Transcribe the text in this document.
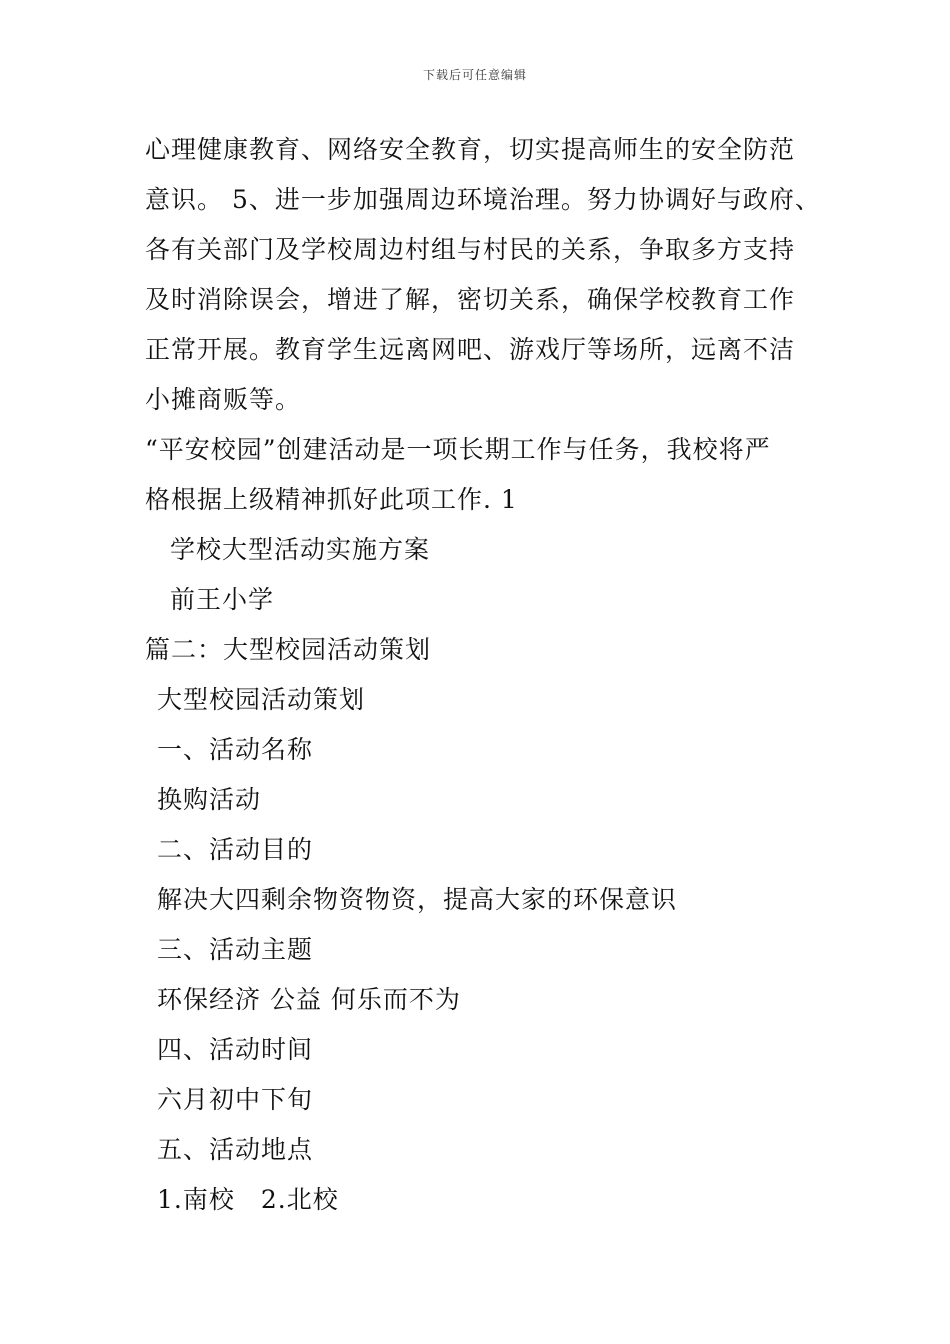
下载后可任意编辑
心理健康教育、网络安全教育，切实提高师生的安全防范
意识。 5、进一步加强周边环境治理。努力协调好与政府、
各有关部门及学校周边村组与村民的关系，争取多方支持
及时消除误会，增进了解，密切关系，确保学校教育工作
正常开展。教育学生远离网吧、游戏厅等场所，远离不洁
小摊商贩等。
“平安校园”创建活动是一项长期工作与任务，我校将严
格根据上级精神抓好此项工作. 1
学校大型活动实施方案
前王小学
篇二：大型校园活动策划
大型校园活动策划
一、活动名称
换购活动
二、活动目的
解决大四剩余物资物资，提高大家的环保意识
三、活动主题
环保经济 公益 何乐而不为
四、活动时间
六月初中下旬
五、活动地点
1.南校　2.北校
